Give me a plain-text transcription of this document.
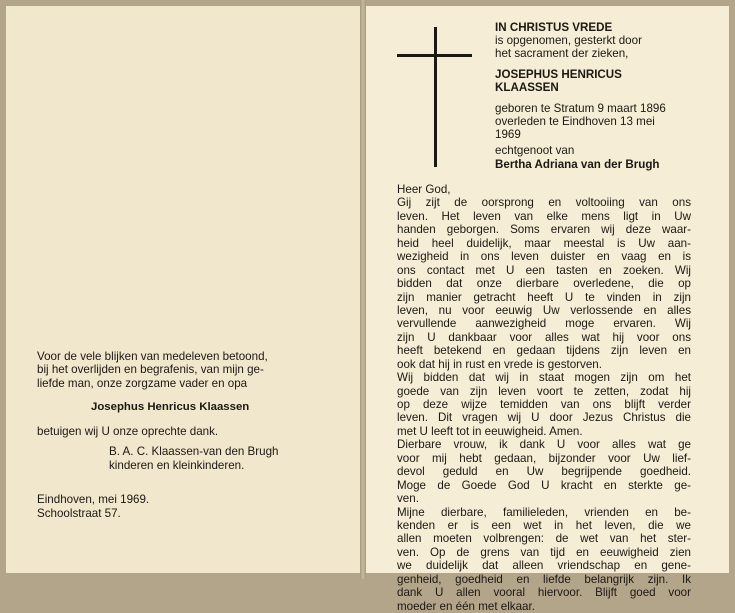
Voor de vele blijken van medeleven betoond,
bij het overlijden en begrafenis, van mijn ge-
liefde man, onze zorgzame vader en opa
Josephus Henricus Klaassen
betuigen wij U onze oprechte dank.
B. A. C. Klaassen-van den Brugh
kinderen en kleinkinderen.
Eindhoven, mei 1969.
Schoolstraat 57.
IN CHRISTUS VREDE
is opgenomen, gesterkt door
het sacrament der zieken,
JOSEPHUS HENRICUS
KLAASSEN
geboren te Stratum 9 maart 1896
overleden te Eindhoven 13 mei
1969
echtgenoot van
Bertha Adriana van der Brugh
Heer God,
Gij zijt de oorsprong en voltooiing van ons
leven. Het leven van elke mens ligt in Uw
handen geborgen. Soms ervaren wij deze waar-
heid heel duidelijk, maar meestal is Uw aan-
wezigheid in ons leven duister en vaag en is
ons contact met U een tasten en zoeken. Wij
bidden dat onze dierbare overledene, die op
zijn manier getracht heeft U te vinden in zijn
leven, nu voor eeuwig Uw verlossende en alles
vervullende aanwezigheid moge ervaren. Wij
zijn U dankbaar voor alles wat hij voor ons
heeft betekend en gedaan tijdens zijn leven en
ook dat hij in rust en vrede is gestorven.
Wij bidden dat wij in staat mogen zijn om het
goede van zijn leven voort te zetten, zodat hij
op deze wijze temidden van ons blijft verder
leven. Dit vragen wij U door Jezus Christus die
met U leeft tot in eeuwigheid. Amen.
Dierbare vrouw, ik dank U voor alles wat ge
voor mij hebt gedaan, bijzonder voor Uw lief-
devol geduld en Uw begrijpende goedheid.
Moge de Goede God U kracht en sterkte ge-
ven.
Mijne dierbare, familieleden, vrienden en be-
kenden er is een wet in het leven, die we
allen moeten volbrengen: de wet van het ster-
ven. Op de grens van tijd en eeuwigheid zien
we duidelijk dat alleen vriendschap en gene-
genheid, goedheid en liefde belangrijk zijn. Ik
dank U allen vooral hiervoor. Blijft goed voor
moeder en één met elkaar.
